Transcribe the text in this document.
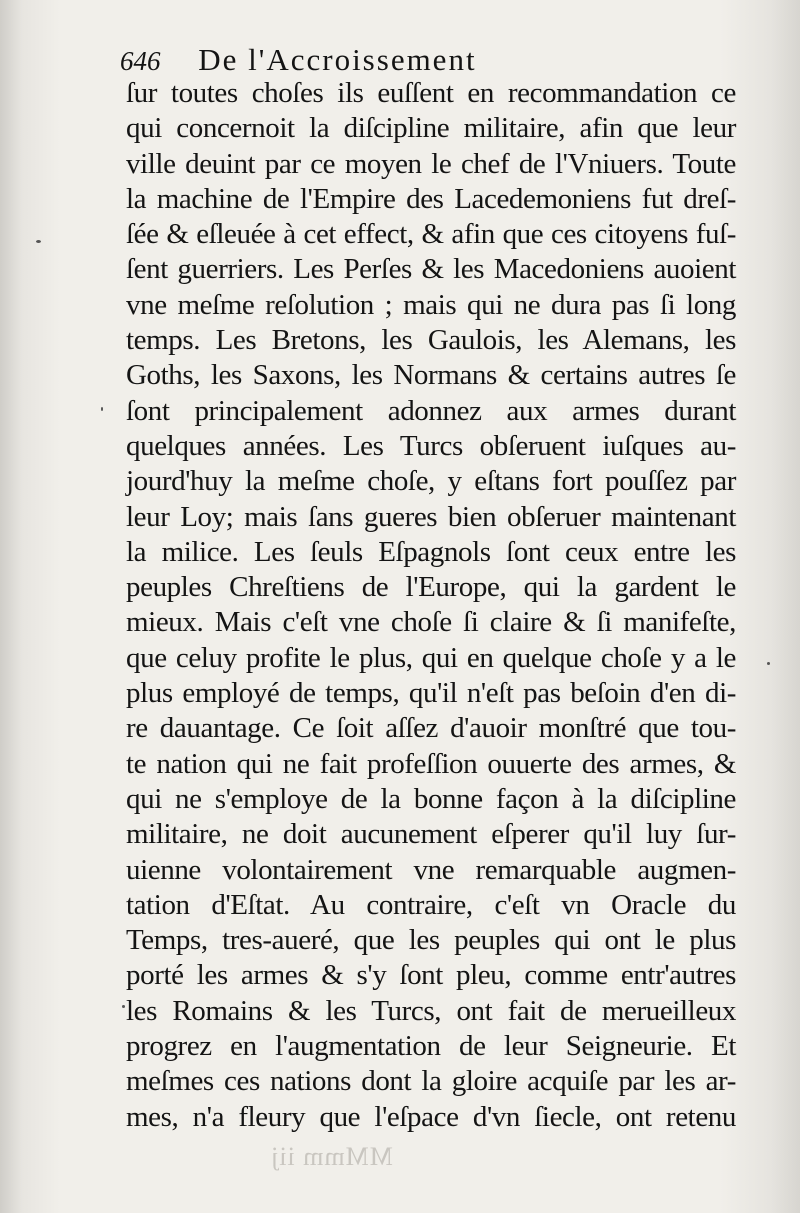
646 De l'Accroissement
ſur toutes choſes ils euſſent en recommandation ce
qui concernoit la diſcipline militaire, afin que leur
ville deuint par ce moyen le chef de l'Vniuers. Toute
la machine de l'Empire des Lacedemoniens fut dreſ-
ſée & eſleuée à cet effect, & afin que ces citoyens fuſ-
ſent guerriers. Les Perſes & les Macedoniens auoient
vne meſme reſolution ; mais qui ne dura pas ſi long
temps. Les Bretons, les Gaulois, les Alemans, les
Goths, les Saxons, les Normans & certains autres ſe
ſont principalement adonnez aux armes durant
quelques années. Les Turcs obſeruent iuſques au-
jourd'huy la meſme choſe, y eſtans fort pouſſez par
leur Loy; mais ſans gueres bien obſeruer maintenant
la milice. Les ſeuls Eſpagnols ſont ceux entre les
peuples Chreſtiens de l'Europe, qui la gardent le
mieux. Mais c'eſt vne choſe ſi claire & ſi manifeſte,
que celuy profite le plus, qui en quelque choſe y a le
plus employé de temps, qu'il n'eſt pas beſoin d'en di-
re dauantage. Ce ſoit aſſez d'auoir monſtré que tou-
te nation qui ne fait profeſſion ouuerte des armes, &
qui ne s'employe de la bonne façon à la diſcipline
militaire, ne doit aucunement eſperer qu'il luy ſur-
uienne volontairement vne remarquable augmen-
tation d'Eſtat. Au contraire, c'eſt vn Oracle du
Temps, tres-aueré, que les peuples qui ont le plus
porté les armes & s'y ſont pleu, comme entr'autres
les Romains & les Turcs, ont fait de merueilleux
progrez en l'augmentation de leur Seigneurie. Et
meſmes ces nations dont la gloire acquiſe par les ar-
mes, n'a fleury que l'eſpace d'vn ſiecle, ont retenu
MMmm iij
